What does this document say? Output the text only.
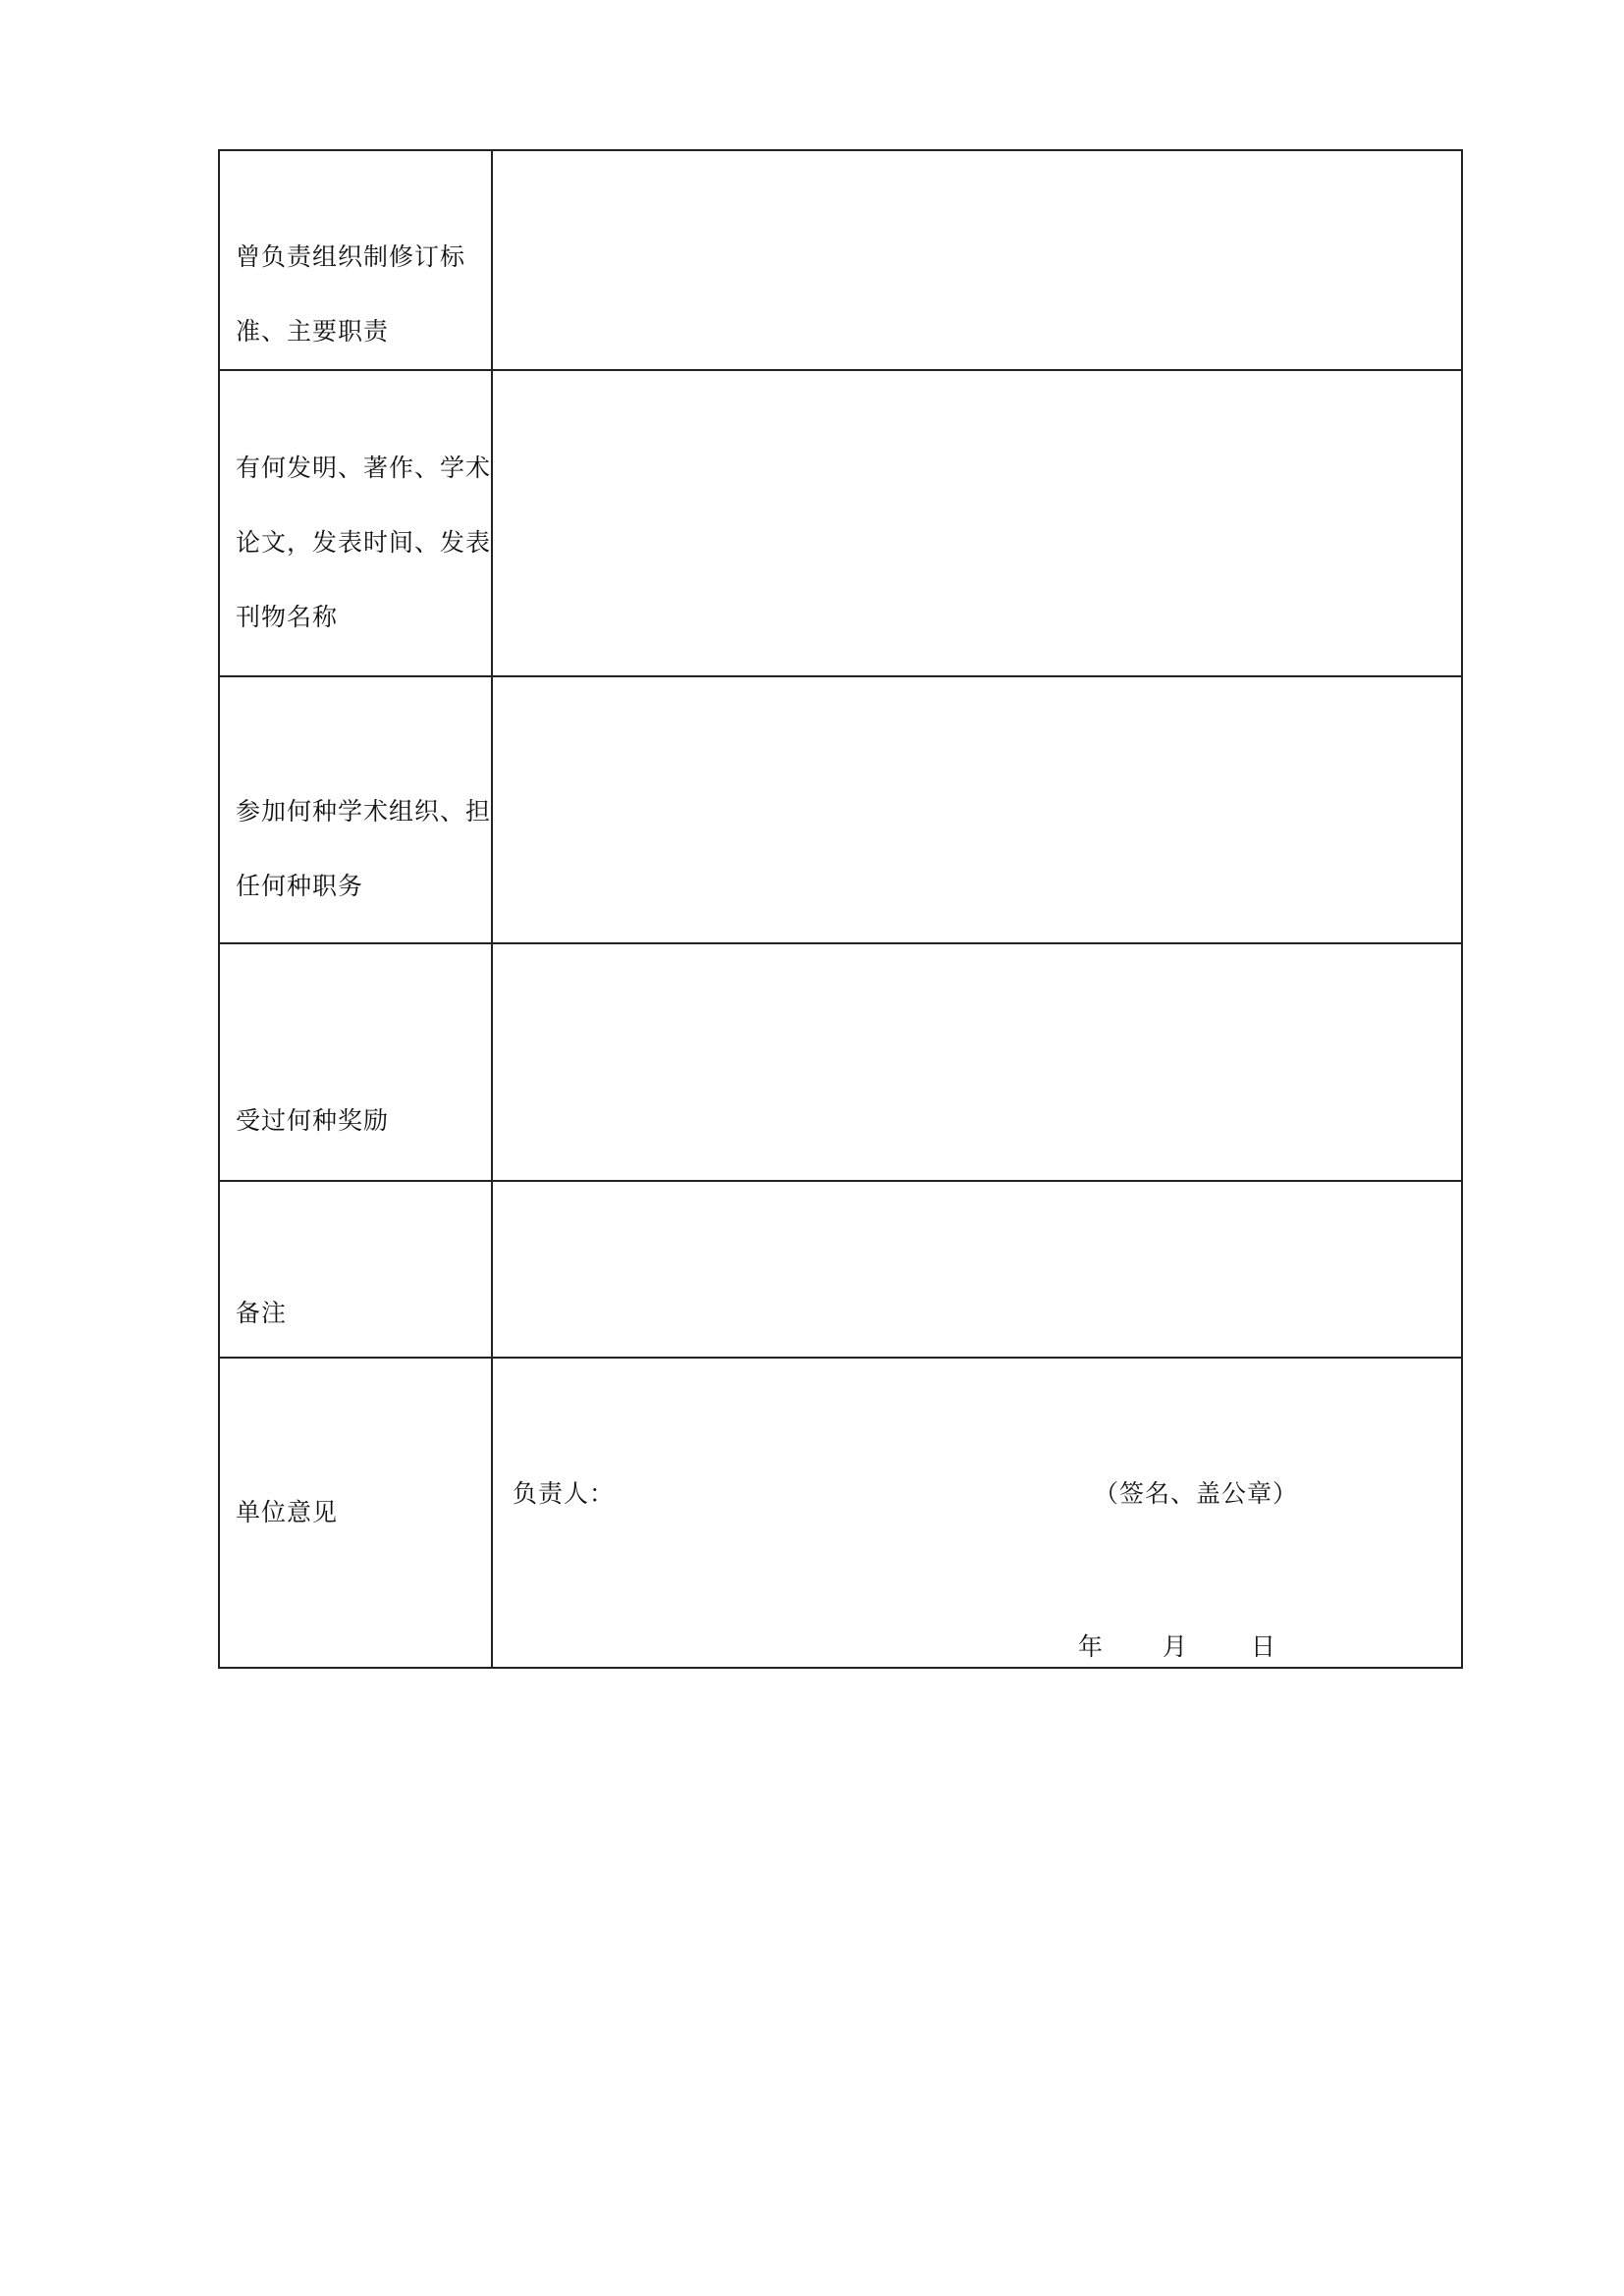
曾负责组织制修订标
准、主要职责	

有何发明、著作、学术
论文，发表时间、发表
刊物名称	

参加何种学术组织、担
任何种职务	

受过何种奖励	

备注	

单位意见	负责人： （签名、盖公章）
年 月 日
